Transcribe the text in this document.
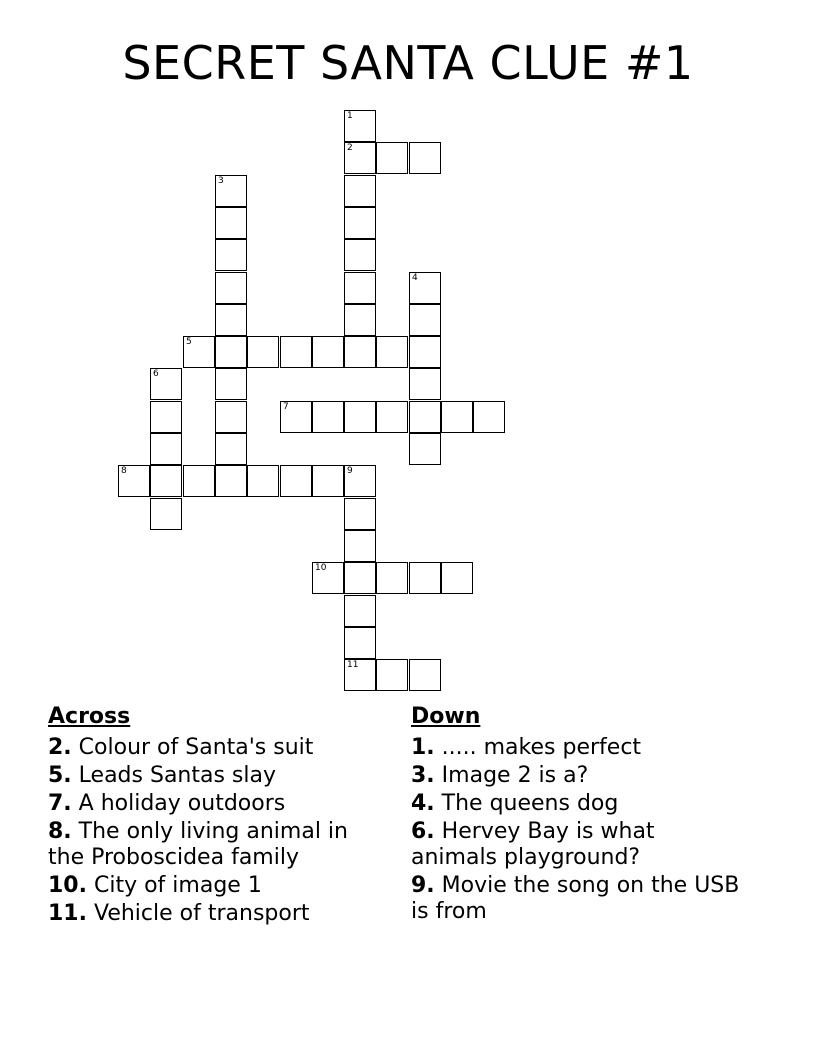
SECRET SANTA CLUE #1
1
2
3
4
5
6
7
8	9
10
11
Across
2. Colour of Santa's suit
5. Leads Santas slay
7. A holiday outdoors
8. The only living animal in the Proboscidea family
10. City of image 1
11. Vehicle of transport
Down
1. ..... makes perfect
3. Image 2 is a?
4. The queens dog
6. Hervey Bay is what animals playground?
9. Movie the song on the USB is from
